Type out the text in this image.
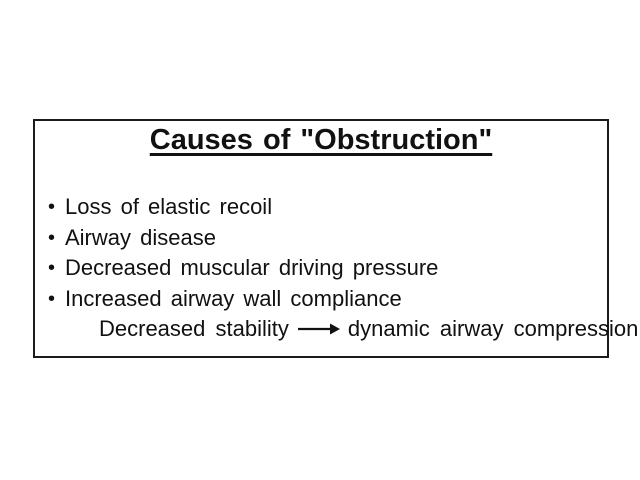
Causes of "Obstruction"
• Loss of elastic recoil
• Airway disease
• Decreased muscular driving pressure
• Increased airway wall compliance

Decreased stability	dynamic airway compression
